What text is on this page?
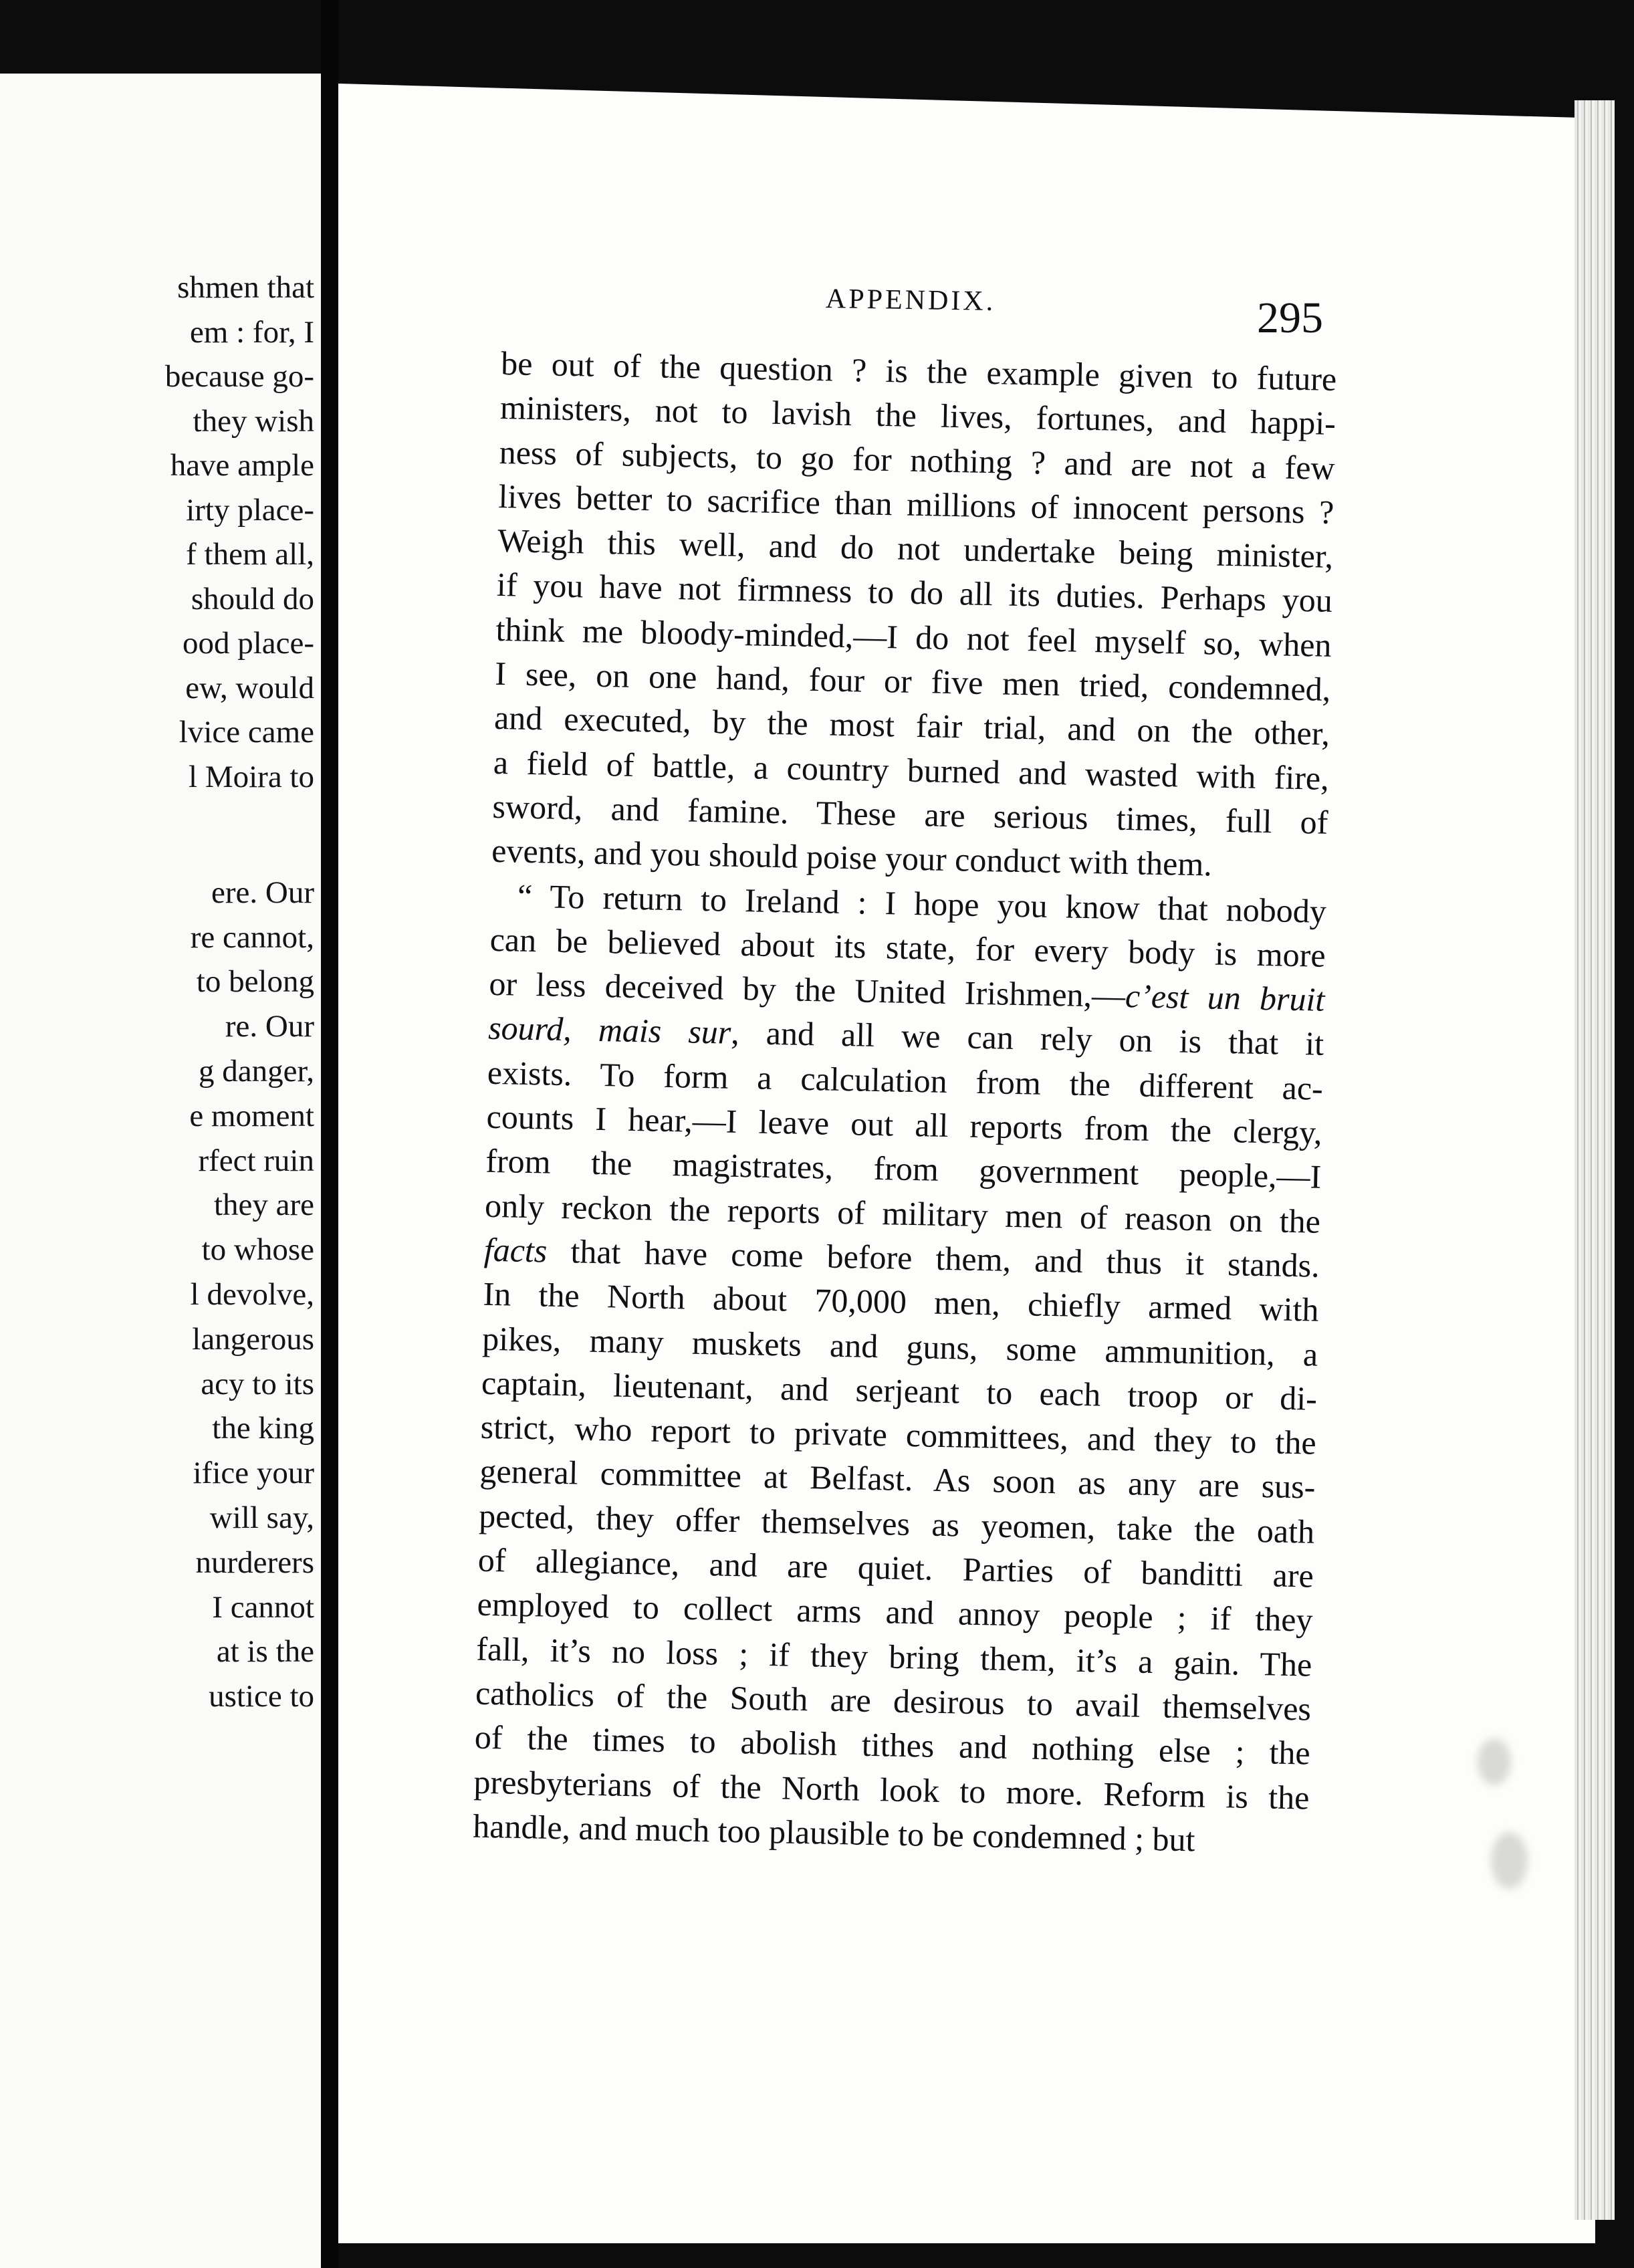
shmen that

em : for, I

because go-

they wish

have ample

irty place-

f them all,

should do

ood place-

ew, would

lvice came

l Moira to

ere. Our

re cannot,

to belong

re. Our

g danger,

e moment

rfect ruin

they are

to whose

l devolve,

langerous

acy to its

the king

ifice your

will say,

nurderers

I cannot

at is the

ustice to

APPENDIX.	295

be out of the question ? is the example given to future

ministers, not to lavish the lives, fortunes, and happi-

ness of subjects, to go for nothing ? and are not a few

lives better to sacrifice than millions of innocent persons ?

Weigh this well, and do not undertake being minister,

if you have not firmness to do all its duties. Perhaps you

think me bloody-minded,—I do not feel myself so, when

I see, on one hand, four or five men tried, condemned,

and executed, by the most fair trial, and on the other,

a field of battle, a country burned and wasted with fire,

sword, and famine. These are serious times, full of

events, and you should poise your conduct with them.

“ To return to Ireland : I hope you know that nobody

can be believed about its state, for every body is more

or less deceived by the United Irishmen,—c’est un bruit

sourd, mais sur, and all we can rely on is that it

exists. To form a calculation from the different ac-

counts I hear,—I leave out all reports from the clergy,

from the magistrates, from government people,—I

only reckon the reports of military men of reason on the

facts that have come before them, and thus it stands.

In the North about 70,000 men, chiefly armed with

pikes, many muskets and guns, some ammunition, a

captain, lieutenant, and serjeant to each troop or di-

strict, who report to private committees, and they to the

general committee at Belfast. As soon as any are sus-

pected, they offer themselves as yeomen, take the oath

of allegiance, and are quiet. Parties of banditti are

employed to collect arms and annoy people ; if they

fall, it’s no loss ; if they bring them, it’s a gain. The

catholics of the South are desirous to avail themselves

of the times to abolish tithes and nothing else ; the

presbyterians of the North look to more. Reform is the

handle, and much too plausible to be condemned ; but
